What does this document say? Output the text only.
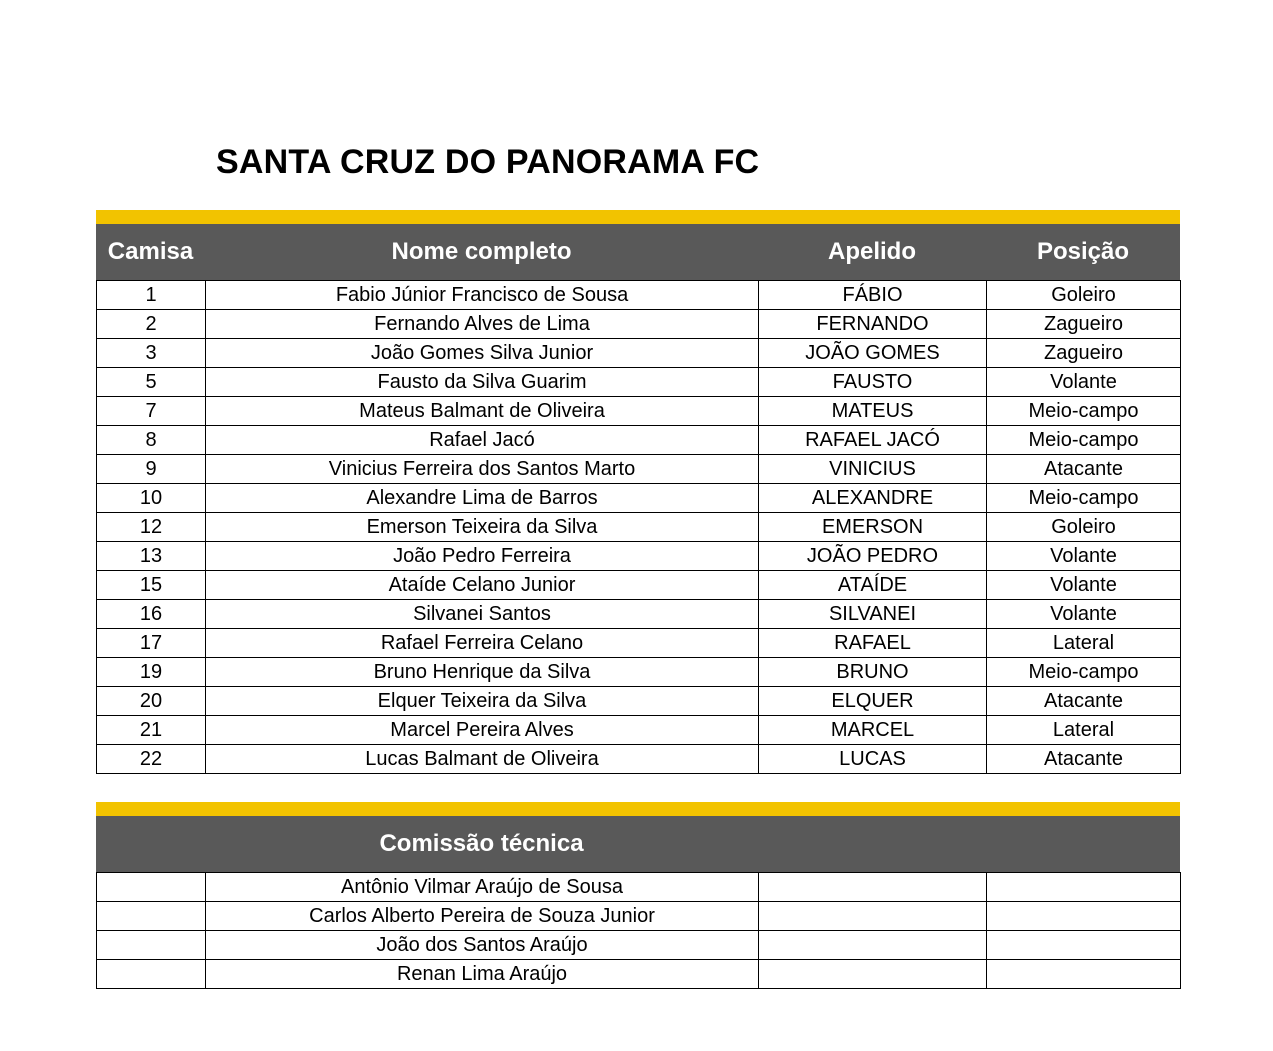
SANTA CRUZ DO PANORAMA FC
Camisa	Nome completo	Apelido	Posição
1	Fabio Júnior Francisco de Sousa	FÁBIO	Goleiro
2	Fernando Alves de Lima	FERNANDO	Zagueiro
3	João Gomes Silva Junior	JOÃO GOMES	Zagueiro
5	Fausto da Silva Guarim	FAUSTO	Volante
7	Mateus Balmant de Oliveira	MATEUS	Meio-campo
8	Rafael Jacó	RAFAEL JACÓ	Meio-campo
9	Vinicius Ferreira dos Santos Marto	VINICIUS	Atacante
10	Alexandre Lima de Barros	ALEXANDRE	Meio-campo
12	Emerson Teixeira da Silva	EMERSON	Goleiro
13	João Pedro Ferreira	JOÃO PEDRO	Volante
15	Ataíde Celano Junior	ATAÍDE	Volante
16	Silvanei Santos	SILVANEI	Volante
17	Rafael Ferreira Celano	RAFAEL	Lateral
19	Bruno Henrique da Silva	BRUNO	Meio-campo
20	Elquer Teixeira da Silva	ELQUER	Atacante
21	Marcel Pereira Alves	MARCEL	Lateral
22	Lucas Balmant de Oliveira	LUCAS	Atacante
Comissão técnica
	Antônio Vilmar Araújo de Sousa		
	Carlos Alberto Pereira de Souza Junior		
	João dos Santos Araújo		
	Renan Lima Araújo		
